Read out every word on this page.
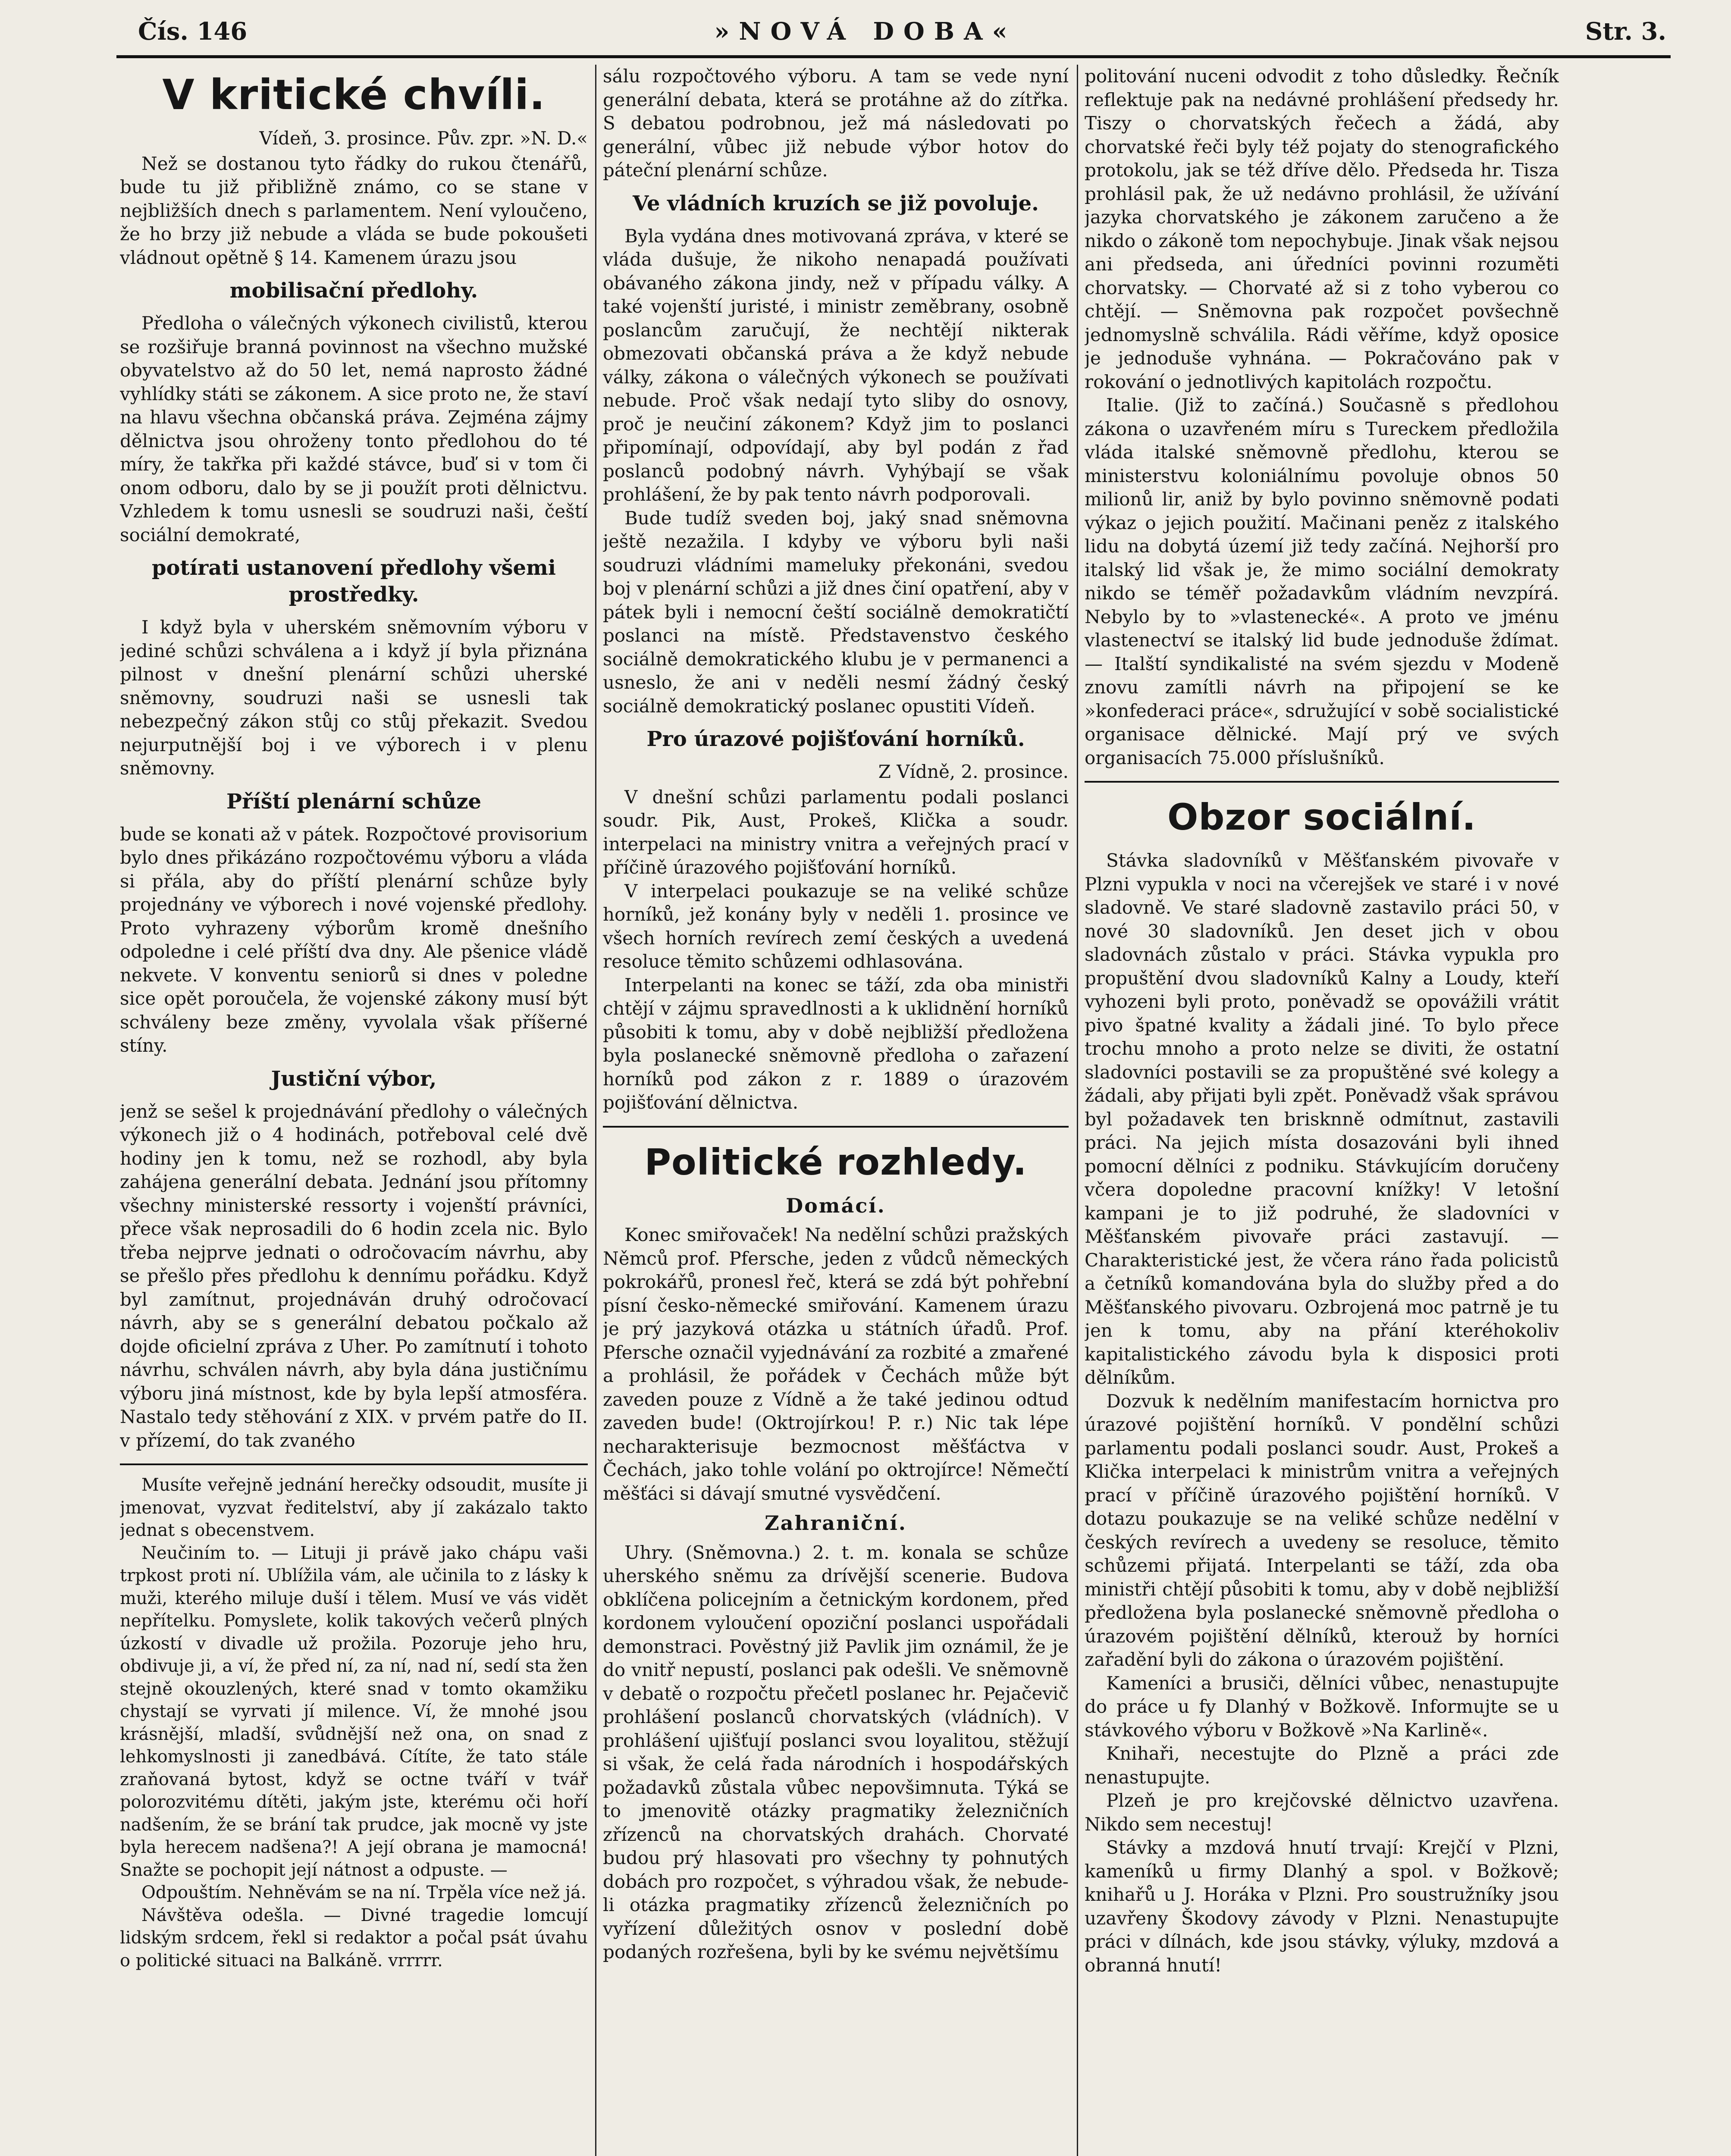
Čís. 146	»NOVÁ DOBA«	Str. 3.
V kritické chvíli.
Vídeň, 3. prosince. Pův. zpr. »N. D.«

Než se dostanou tyto řádky do rukou čtenářů, bude tu již přibližně známo, co se stane v nejbližších dnech s parlamentem. Není vyloučeno, že ho brzy již nebude a vláda se bude pokoušeti vládnout opětně § 14. Kamenem úrazu jsou

mobilisační předlohy.

Předloha o válečných výkonech civilistů, kterou se rozšiřuje branná povinnost na všechno mužské obyvatelstvo až do 50 let, nemá naprosto žádné vyhlídky státi se zákonem. A sice proto ne, že staví na hlavu všechna občanská práva. Zejména zájmy dělnictva jsou ohroženy tonto předlohou do té míry, že takřka při každé stávce, buď si v tom či onom odboru, dalo by se ji použít proti dělnictvu. Vzhledem k tomu usnesli se soudruzi naši, čeští sociální demokraté,

potírati ustanovení předlohy všemi prostředky.

I když byla v uherském sněmovním výboru v jediné schůzi schválena a i když jí byla přiznána pilnost v dnešní plenární schůzi uherské sněmovny, soudruzi naši se usnesli tak nebezpečný zákon stůj co stůj překazit. Svedou nejurputnější boj i ve výborech i v plenu sněmovny.

Příští plenární schůze

bude se konati až v pátek. Rozpočtové provisorium bylo dnes přikázáno rozpočtovému výboru a vláda si přála, aby do příští plenární schůze byly projednány ve výborech i nové vojenské předlohy. Proto vyhrazeny výborům kromě dnešního odpoledne i celé příští dva dny. Ale pšenice vládě nekvete. V konventu seniorů si dnes v poledne sice opět poroučela, že vojenské zákony musí být schváleny beze změny, vyvolala však příšerné stíny.

Justiční výbor,

jenž se sešel k projednávání předlohy o válečných výkonech již o 4 hodinách, potřeboval celé dvě hodiny jen k tomu, než se rozhodl, aby byla zahájena generální debata. Jednání jsou přítomny všechny ministerské ressorty i vojenští právníci, přece však neprosadili do 6 hodin zcela nic. Bylo třeba nejprve jednati o odročovacím návrhu, aby se přešlo přes předlohu k dennímu pořádku. Když byl zamítnut, projednáván druhý odročovací návrh, aby se s generální debatou počkalo až dojde oficielní zpráva z Uher. Po zamítnutí i tohoto návrhu, schválen návrh, aby byla dána justičnímu výboru jiná místnost, kde by byla lepší atmosféra. Nastalo tedy stěhování z XIX. v prvém patře do II. v přízemí, do tak zvaného

Musíte veřejně jednání herečky odsoudit, musíte ji jmenovat, vyzvat ředitelství, aby jí zakázalo takto jednat s obecenstvem.

Neučiním to. — Lituji ji právě jako chápu vaši trpkost proti ní. Ublížila vám, ale učinila to z lásky k muži, kterého miluje duší i tělem. Musí ve vás vidět nepřítelku. Pomyslete, kolik takových večerů plných úzkostí v divadle už prožila. Pozoruje jeho hru, obdivuje ji, a ví, že před ní, za ní, nad ní, sedí sta žen stejně okouzlených, které snad v tomto okamžiku chystají se vyrvati jí milence. Ví, že mnohé jsou krásnější, mladší, svůdnější než ona, on snad z lehkomyslnosti ji zanedbává. Cítíte, že tato stále zraňovaná bytost, když se octne tváří v tvář polorozvitému dítěti, jakým jste, kterému oči hoří nadšením, že se brání tak prudce, jak mocně vy jste byla herecem nadšena?! A její obrana je mamocná! Snažte se pochopit její nátnost a odpuste. —

Odpouštím. Nehněvám se na ní. Trpěla více než já.

Návštěva odešla. — Divné tragedie lomcují lidským srdcem, řekl si redaktor a počal psát úvahu o politické situaci na Balkáně. vrrrrr.

sálu rozpočtového výboru. A tam se vede nyní generální debata, která se protáhne až do zítřka. S debatou podrobnou, jež má následovati po generální, vůbec již nebude výbor hotov do páteční plenární schůze.

Ve vládních kruzích se již povoluje.

Byla vydána dnes motivovaná zpráva, v které se vláda dušuje, že nikoho nenapadá používati obávaného zákona jindy, než v případu války. A také vojenští juristé, i ministr zeměbrany, osobně poslancům zaručují, že nechtějí nikterak obmezovati občanská práva a že když nebude války, zákona o válečných výkonech se používati nebude. Proč však nedají tyto sliby do osnovy, proč je neučiní zákonem? Když jim to poslanci připomínají, odpovídají, aby byl podán z řad poslanců podobný návrh. Vyhýbají se však prohlášení, že by pak tento návrh podporovali.

Bude tudíž sveden boj, jaký snad sněmovna ještě nezažila. I kdyby ve výboru byli naši soudruzi vládními mameluky překonáni, svedou boj v plenární schůzi a již dnes činí opatření, aby v pátek byli i nemocní čeští sociálně demokratičtí poslanci na místě. Představenstvo českého sociálně demokratického klubu je v permanenci a usneslo, že ani v neděli nesmí žádný český sociálně demokratický poslanec opustiti Vídeň.

Pro úrazové pojišťování horníků.
Z Vídně, 2. prosince.

V dnešní schůzi parlamentu podali poslanci soudr. Pik, Aust, Prokeš, Klička a soudr. interpelaci na ministry vnitra a veřejných prací v příčině úrazového pojišťování horníků.

V interpelaci poukazuje se na veliké schůze horníků, jež konány byly v neděli 1. prosince ve všech horních revírech zemí českých a uvedená resoluce těmito schůzemi odhlasována.

Interpelanti na konec se táží, zda oba ministři chtějí v zájmu spravedlnosti a k uklidnění horníků působiti k tomu, aby v době nejbližší předložena byla poslanecké sněmovně předloha o zařazení horníků pod zákon z r. 1889 o úrazovém pojišťování dělnictva.

Politické rozhledy.
Domácí.

Konec smiřovaček! Na nedělní schůzi pražských Němců prof. Pfersche, jeden z vůdců německých pokrokářů, pronesl řeč, která se zdá být pohřební písní česko-německé smiřování. Kamenem úrazu je prý jazyková otázka u státních úřadů. Prof. Pfersche označil vyjednávání za rozbité a zmařené a prohlásil, že pořádek v Čechách může být zaveden pouze z Vídně a že také jedinou odtud zaveden bude! (Oktrojírkou! P. r.) Nic tak lépe necharakterisuje bezmocnost měšťáctva v Čechách, jako tohle volání po oktrojírce! Němečtí měšťáci si dávají smutné vysvědčení.

Zahraniční.

Uhry. (Sněmovna.) 2. t. m. konala se schůze uherského sněmu za drívější scenerie. Budova obklíčena policejním a četnickým kordonem, před kordonem vyloučení opoziční poslanci uspořádali demonstraci. Pověstný již Pavlik jim oznámil, že je do vnitř nepustí, poslanci pak odešli. Ve sněmovně v debatě o rozpočtu přečetl poslanec hr. Pejačevič prohlášení poslanců chorvatských (vládních). V prohlášení ujišťují poslanci svou loyalitou, stěžují si však, že celá řada národních i hospodářských požadavků zůstala vůbec nepovšimnuta. Týká se to jmenovitě otázky pragmatiky železničních zřízenců na chorvatských drahách. Chorvaté budou prý hlasovati pro všechny ty pohnutých dobách pro rozpočet, s výhradou však, že nebude-li otázka pragmatiky zřízenců železničních po vyřízení důležitých osnov v poslední době podaných rozřešena, byli by ke svému největšímu

politování nuceni odvodit z toho důsledky. Řečník reflektuje pak na nedávné prohlášení předsedy hr. Tiszy o chorvatských řečech a žádá, aby chorvatské řeči byly též pojaty do stenografického protokolu, jak se též dříve dělo. Předseda hr. Tisza prohlásil pak, že už nedávno prohlásil, že užívání jazyka chorvatského je zákonem zaručeno a že nikdo o zákoně tom nepochybuje. Jinak však nejsou ani předseda, ani úředníci povinni rozuměti chorvatsky. — Chorvaté až si z toho vyberou co chtějí. — Sněmovna pak rozpočet povšechně jednomyslně schválila. Rádi věříme, když oposice je jednoduše vyhnána. — Pokračováno pak v rokování o jednotlivých kapitolách rozpočtu.

Italie. (Již to začíná.) Současně s předlohou zákona o uzavřeném míru s Tureckem předložila vláda italské sněmovně předlohu, kterou se ministerstvu koloniálnímu povoluje obnos 50 milionů lir, aniž by bylo povinno sněmovně podati výkaz o jejich použití. Mačinani peněz z italského lidu na dobytá území již tedy začíná. Nejhorší pro italský lid však je, že mimo sociální demokraty nikdo se téměř požadavkům vládním nevzpírá. Nebylo by to »vlastenecké«. A proto ve jménu vlastenectví se italský lid bude jednoduše ždímat. — Italští syndikalisté na svém sjezdu v Modeně znovu zamítli návrh na připojení se ke »konfederaci práce«, sdružující v sobě socialistické organisace dělnické. Mají prý ve svých organisacích 75.000 příslušníků.

Obzor sociální.

Stávka sladovníků v Měšťanském pivovaře v Plzni vypukla v noci na včerejšek ve staré i v nové sladovně. Ve staré sladovně zastavilo práci 50, v nové 30 sladovníků. Jen deset jich v obou sladovnách zůstalo v práci. Stávka vypukla pro propuštění dvou sladovníků Kalny a Loudy, kteří vyhozeni byli proto, poněvadž se opovážili vrátit pivo špatné kvality a žádali jiné. To bylo přece trochu mnoho a proto nelze se diviti, že ostatní sladovníci postavili se za propuštěné své kolegy a žádali, aby přijati byli zpět. Poněvadž však správou byl požadavek ten brisknně odmítnut, zastavili práci. Na jejich místa dosazováni byli ihned pomocní dělníci z podniku. Stávkujícím doručeny včera dopoledne pracovní knížky! V letošní kampani je to již podruhé, že sladovníci v Měšťanském pivovaře práci zastavují. — Charakteristické jest, že včera ráno řada policistů a četníků komandována byla do služby před a do Měšťanského pivovaru. Ozbrojená moc patrně je tu jen k tomu, aby na přání kteréhokoliv kapitalistického závodu byla k disposici proti dělníkům.

Dozvuk k nedělním manifestacím hornictva pro úrazové pojištění horníků. V pondělní schůzi parlamentu podali poslanci soudr. Aust, Prokeš a Klička interpelaci k ministrům vnitra a veřejných prací v příčině úrazového pojištění horníků. V dotazu poukazuje se na veliké schůze nedělní v českých revírech a uvedeny se resoluce, těmito schůzemi přijatá. Interpelanti se táží, zda oba ministři chtějí působiti k tomu, aby v době nejbližší předložena byla poslanecké sněmovně předloha o úrazovém pojištění dělníků, kterouž by horníci zařadění byli do zákona o úrazovém pojištění.

Kameníci a brusiči, dělníci vůbec, nenastupujte do práce u fy Dlanhý v Božkově. Informujte se u stávkového výboru v Božkově »Na Karlině«.

Knihaři, necestujte do Plzně a práci zde nenastupujte.

Plzeň je pro krejčovské dělnictvo uzavřena. Nikdo sem necestuj!

Stávky a mzdová hnutí trvají: Krejčí v Plzni, kameníků u firmy Dlanhý a spol. v Božkově; knihařů u J. Horáka v Plzni. Pro soustružníky jsou uzavřeny Škodovy závody v Plzni. Nenastupujte práci v dílnách, kde jsou stávky, výluky, mzdová a obranná hnutí!
